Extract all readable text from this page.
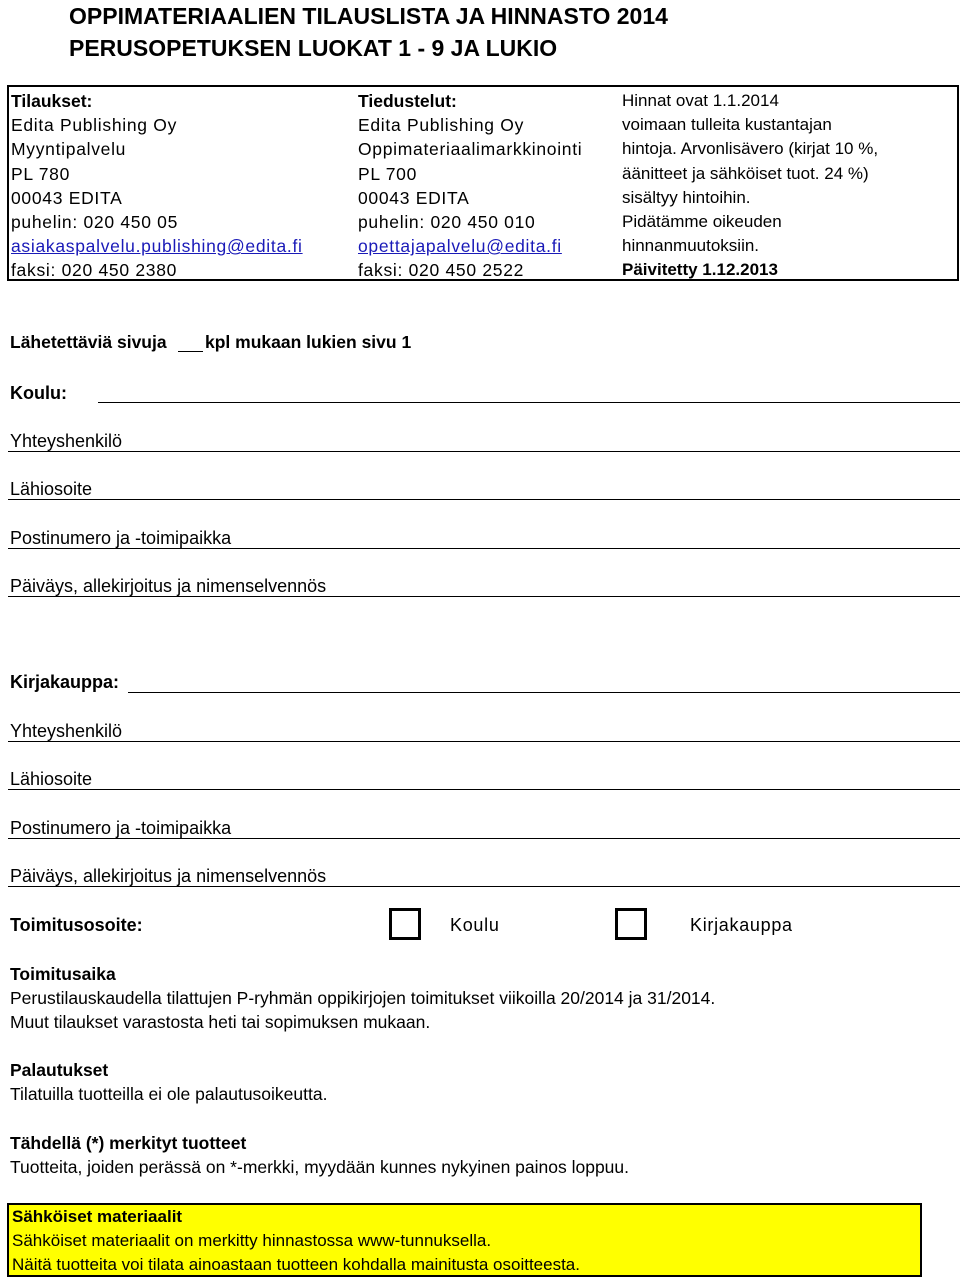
OPPIMATERIAALIEN TILAUSLISTA JA HINNASTO 2014
PERUSOPETUKSEN LUOKAT 1 - 9 JA LUKIO
Tilaukset:
Edita Publishing Oy
Myyntipalvelu
PL 780
00043 EDITA
puhelin: 020 450 05
asiakaspalvelu.publishing@edita.fi
faksi: 020 450 2380
Tiedustelut:
Edita Publishing Oy
Oppimateriaalimarkkinointi
PL 700
00043 EDITA
puhelin: 020 450 010
opettajapalvelu@edita.fi
faksi: 020 450 2522
Hinnat ovat 1.1.2014
voimaan tulleita kustantajan
hintoja. Arvonlisävero (kirjat 10 %,
äänitteet ja sähköiset tuot. 24 %)
sisältyy hintoihin.
Pidätämme oikeuden
hinnanmuutoksiin.
Päivitetty 1.12.2013
Lähetettäviä sivuja kpl mukaan lukien sivu 1
Koulu:
Yhteyshenkilö
Lähiosoite
Postinumero ja -toimipaikka
Päiväys, allekirjoitus ja nimenselvennös
Kirjakauppa:
Yhteyshenkilö
Lähiosoite
Postinumero ja -toimipaikka
Päiväys, allekirjoitus ja nimenselvennös
Toimitusosoite:	Koulu	Kirjakauppa
Toimitusaika
Perustilauskaudella tilattujen P-ryhmän oppikirjojen toimitukset viikoilla 20/2014 ja 31/2014.
Muut tilaukset varastosta heti tai sopimuksen mukaan.
Palautukset
Tilatuilla tuotteilla ei ole palautusoikeutta.
Tähdellä (*) merkityt tuotteet
Tuotteita, joiden perässä on *-merkki, myydään kunnes nykyinen painos loppuu.
Sähköiset materiaalit
Sähköiset materiaalit on merkitty hinnastossa www-tunnuksella.
Näitä tuotteita voi tilata ainoastaan tuotteen kohdalla mainitusta osoitteesta.
